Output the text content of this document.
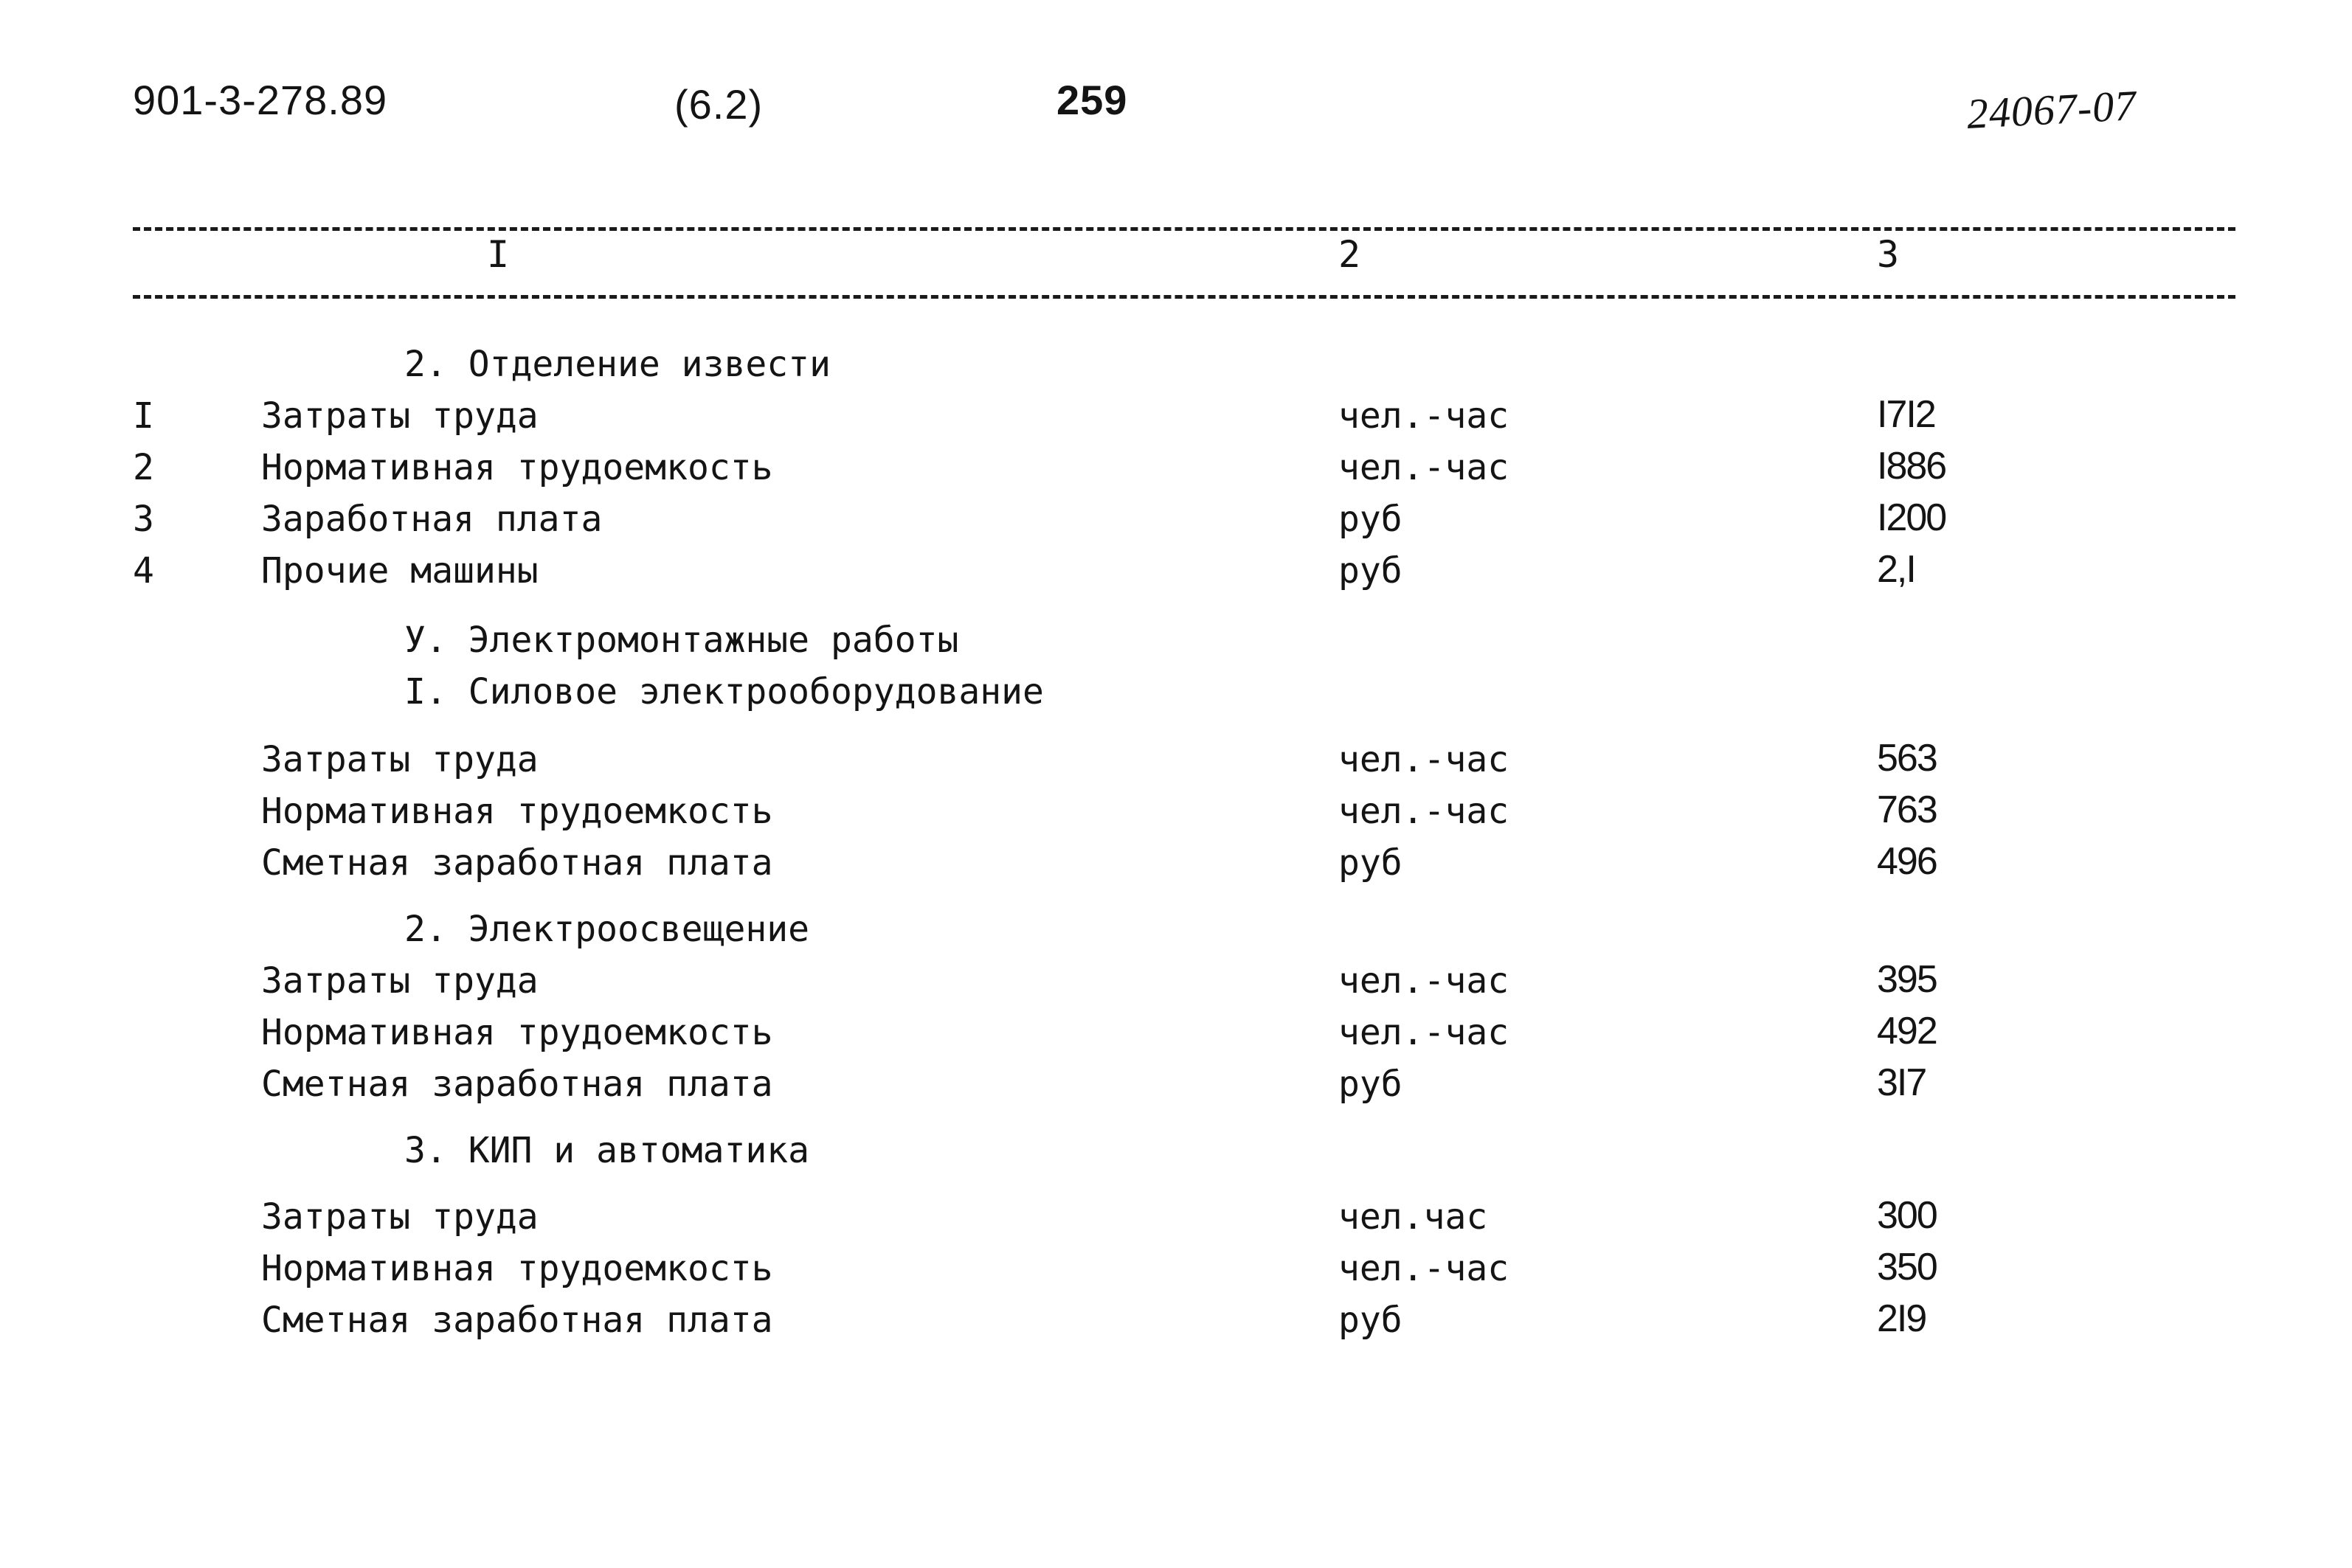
901-3-278.89	(6.2)	259	24067-07
I	2	3
2. Отделение извести
I	Затраты труда	чел.-час	I7I2
2	Нормативная трудоемкость	чел.-час	I886
3	Заработная плата	руб	I200
4	Прочие машины	руб	2,I
У. Электромонтажные работы
I. Силовое электрооборудование
Затраты труда	чел.-час	563
Нормативная трудоемкость	чел.-час	763
Сметная заработная плата	руб	496
2. Электроосвещение
Затраты труда	чел.-час	395
Нормативная трудоемкость	чел.-час	492
Сметная заработная плата	руб	3I7
3. КИП и автоматика
Затраты труда	чел.час	300
Нормативная трудоемкость	чел.-час	350
Сметная заработная плата	руб	2I9
